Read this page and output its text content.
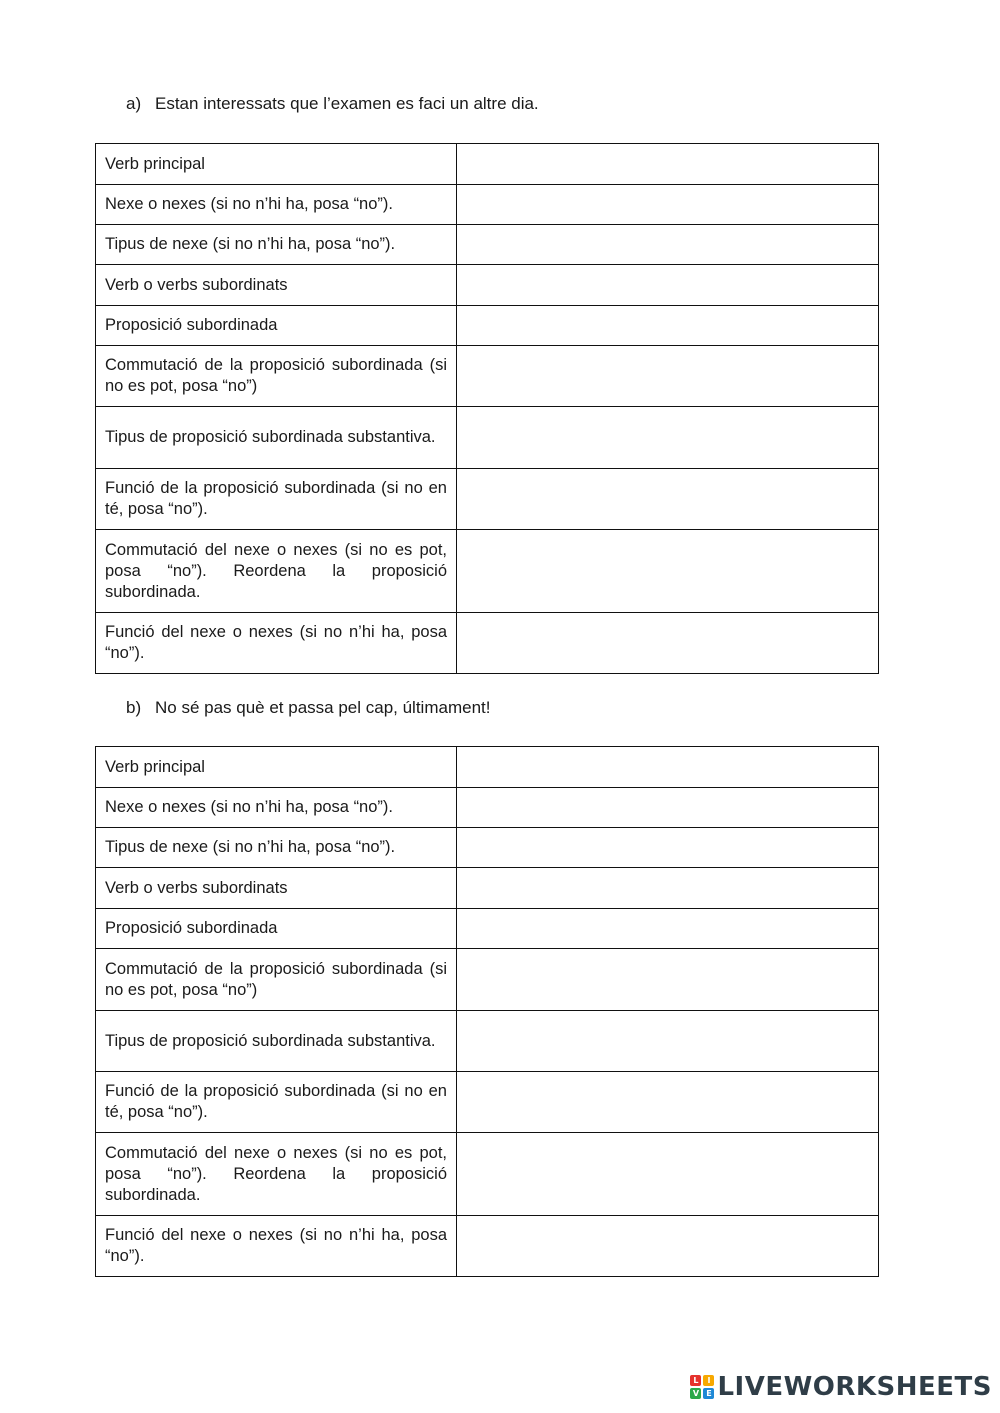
a) Estan interessats que l’examen es faci un altre dia.
Verb principal	
Nexe o nexes (si no n’hi ha, posa “no”).	
Tipus de nexe (si no n’hi ha, posa “no”).	
Verb o verbs subordinats	
Proposició subordinada	
Commutació de la proposició subordinada (si no es pot, posa “no”)	
Tipus de proposició subordinada substantiva.	
Funció de la proposició subordinada (si no en té, posa “no”).	
Commutació del nexe o nexes (si no es pot, posa “no”). Reordena la proposició subordinada.	
Funció del nexe o nexes (si no n’hi ha, posa “no”).	
b) No sé pas què et passa pel cap, últimament!
Verb principal	
Nexe o nexes (si no n’hi ha, posa “no”).	
Tipus de nexe (si no n’hi ha, posa “no”).	
Verb o verbs subordinats	
Proposició subordinada	
Commutació de la proposició subordinada (si no es pot, posa “no”)	
Tipus de proposició subordinada substantiva.	
Funció de la proposició subordinada (si no en té, posa “no”).	
Commutació del nexe o nexes (si no es pot, posa “no”). Reordena la proposició subordinada.	
Funció del nexe o nexes (si no n’hi ha, posa “no”).	
L	I
V E LIVEWORKSHEETS
